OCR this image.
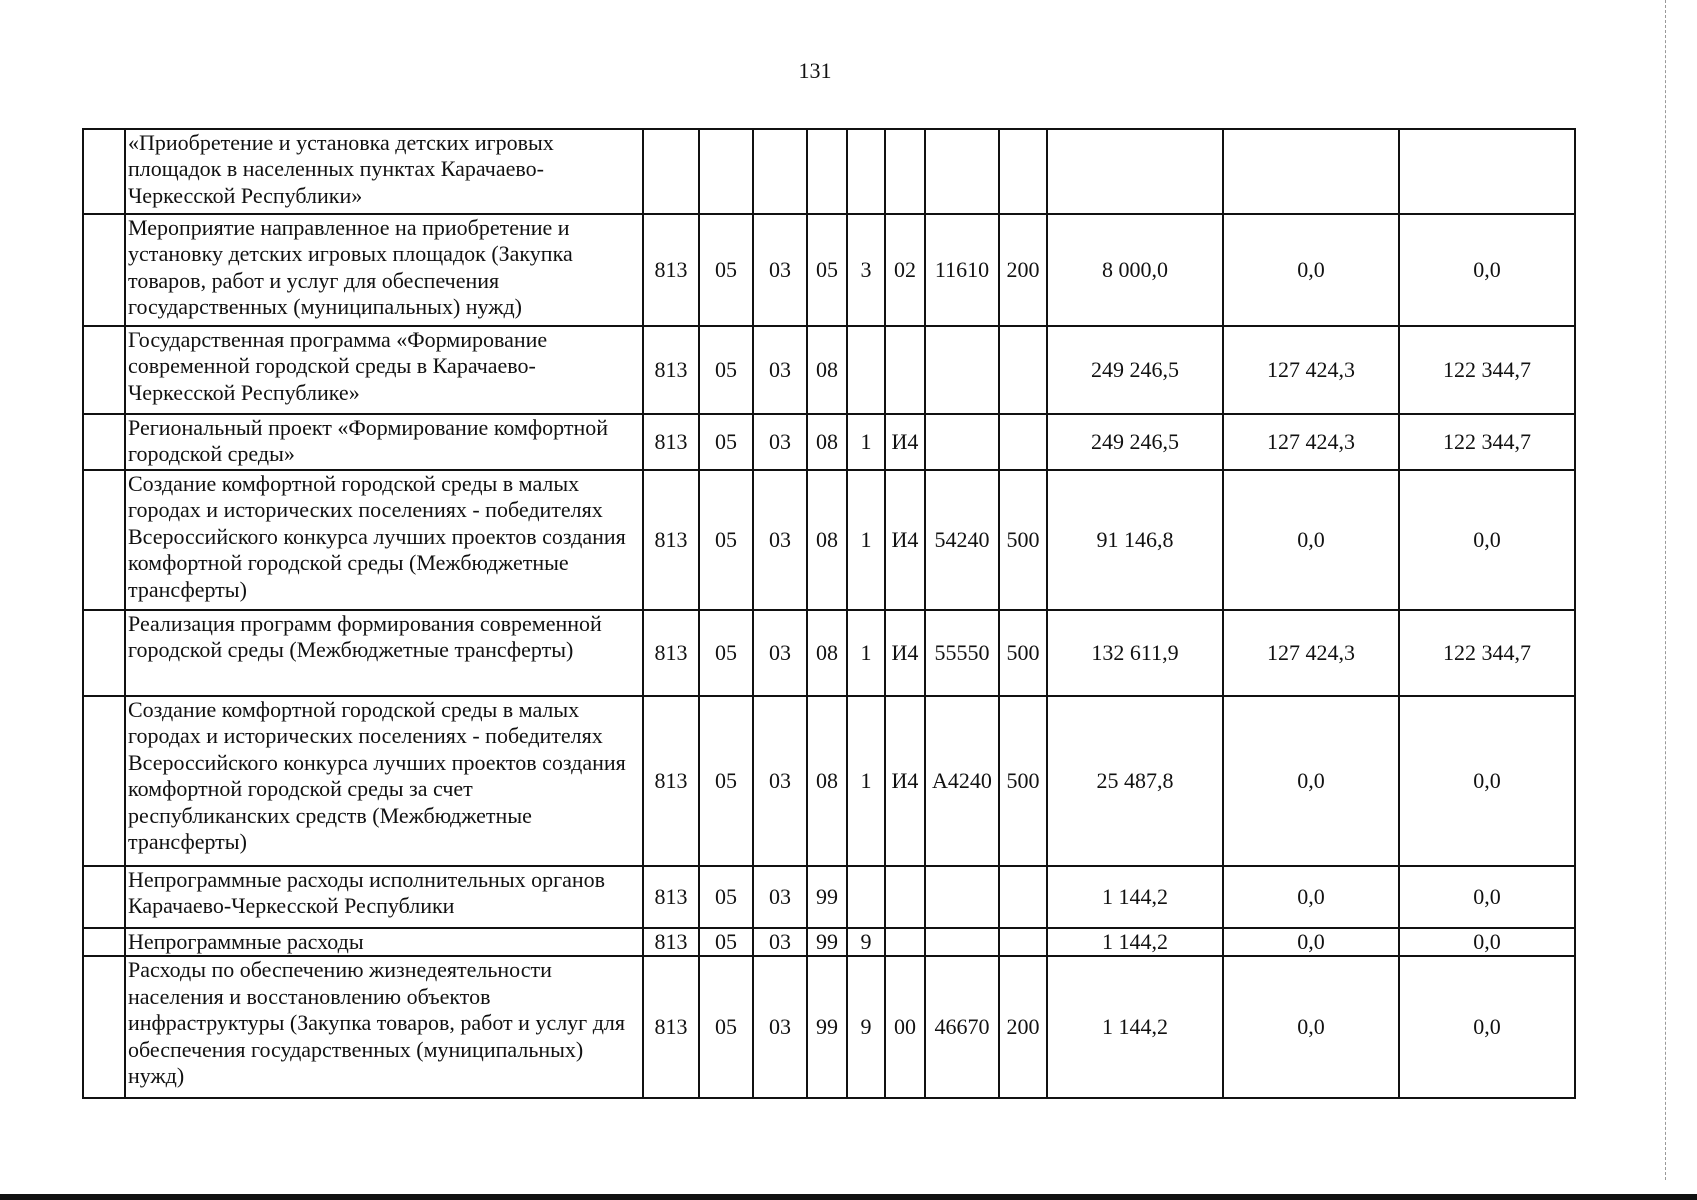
131
	«Приобретение и установка детских игровых площадок в населенных пунктах Карачаево-Черкесской Республики»											
	Мероприятие направленное на приобретение и установку детских игровых площадок (Закупка товаров, работ и услуг для обеспечения государственных (муниципальных) нужд)	813	05	03	05	3	02	11610	200	8 000,0	0,0	0,0
	Государственная программа «Формирование современной городской среды в Карачаево-Черкесской Республике»	813	05	03	08					249 246,5	127 424,3	122 344,7
	Региональный проект «Формирование комфортной городской среды»	813	05	03	08	1	И4			249 246,5	127 424,3	122 344,7
	Создание комфортной городской среды в малых городах и исторических поселениях - победителях Всероссийского конкурса лучших проектов создания комфортной городской среды (Межбюджетные трансферты)	813	05	03	08	1	И4	54240	500	91 146,8	0,0	0,0
	Реализация программ формирования современной городской среды (Межбюджетные трансферты)	813	05	03	08	1	И4	55550	500	132 611,9	127 424,3	122 344,7
	Создание комфортной городской среды в малых городах и исторических поселениях - победителях Всероссийского конкурса лучших проектов создания комфортной городской среды за счет республиканских средств (Межбюджетные трансферты)	813	05	03	08	1	И4	А4240	500	25 487,8	0,0	0,0
	Непрограммные расходы исполнительных органов Карачаево-Черкесской Республики	813	05	03	99					1 144,2	0,0	0,0
	Непрограммные расходы	813	05	03	99	9				1 144,2	0,0	0,0
	Расходы по обеспечению жизнедеятельности населения и восстановлению объектов инфраструктуры (Закупка товаров, работ и услуг для обеспечения государственных (муниципальных) нужд)	813	05	03	99	9	00	46670	200	1 144,2	0,0	0,0
